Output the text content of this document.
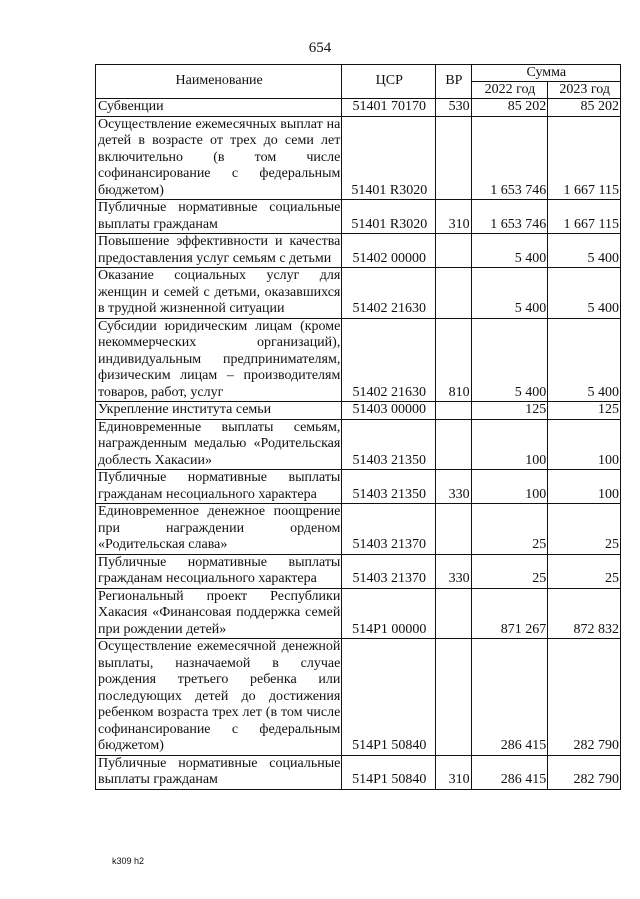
654
Наименование	ЦСР	ВР	Сумма	
			2022 год	2023 год
Субвенции	51401 70170	530	85 202	85 202
Осуществление ежемесячных выплат на детей в возрасте от трех до семи лет включительно (в том числе софинансирование с федеральным бюджетом)	51401 R3020		1 653 746	1 667 115
Публичные нормативные социальные выплаты гражданам	51401 R3020	310	1 653 746	1 667 115
Повышение эффективности и качества предоставления услуг семьям с детьми	51402 00000		5 400	5 400
Оказание социальных услуг для женщин и семей с детьми, оказавшихся в трудной жизненной ситуации	51402 21630		5 400	5 400
Субсидии юридическим лицам (кроме некоммерческих организаций), индивидуальным предпринимателям, физическим лицам – производителям товаров, работ, услуг	51402 21630	810	5 400	5 400
Укрепление института семьи	51403 00000		125	125
Единовременные выплаты семьям, награжденным медалью «Родительская доблесть Хакасии»	51403 21350		100	100
Публичные нормативные выплаты гражданам несоциального характера	51403 21350	330	100	100
Единовременное денежное поощрение при награждении орденом «Родительская слава»	51403 21370		25	25
Публичные нормативные выплаты гражданам несоциального характера	51403 21370	330	25	25
Региональный проект Республики Хакасия «Финансовая поддержка семей при рождении детей»	514P1 00000		871 267	872 832
Осуществление ежемесячной денежной выплаты, назначаемой в случае рождения третьего ребенка или последующих детей до достижения ребенком возраста трех лет (в том числе софинансирование с федеральным бюджетом)	514P1 50840		286 415	282 790
Публичные нормативные социальные выплаты гражданам	514P1 50840	310	286 415	282 790
k309 h2
